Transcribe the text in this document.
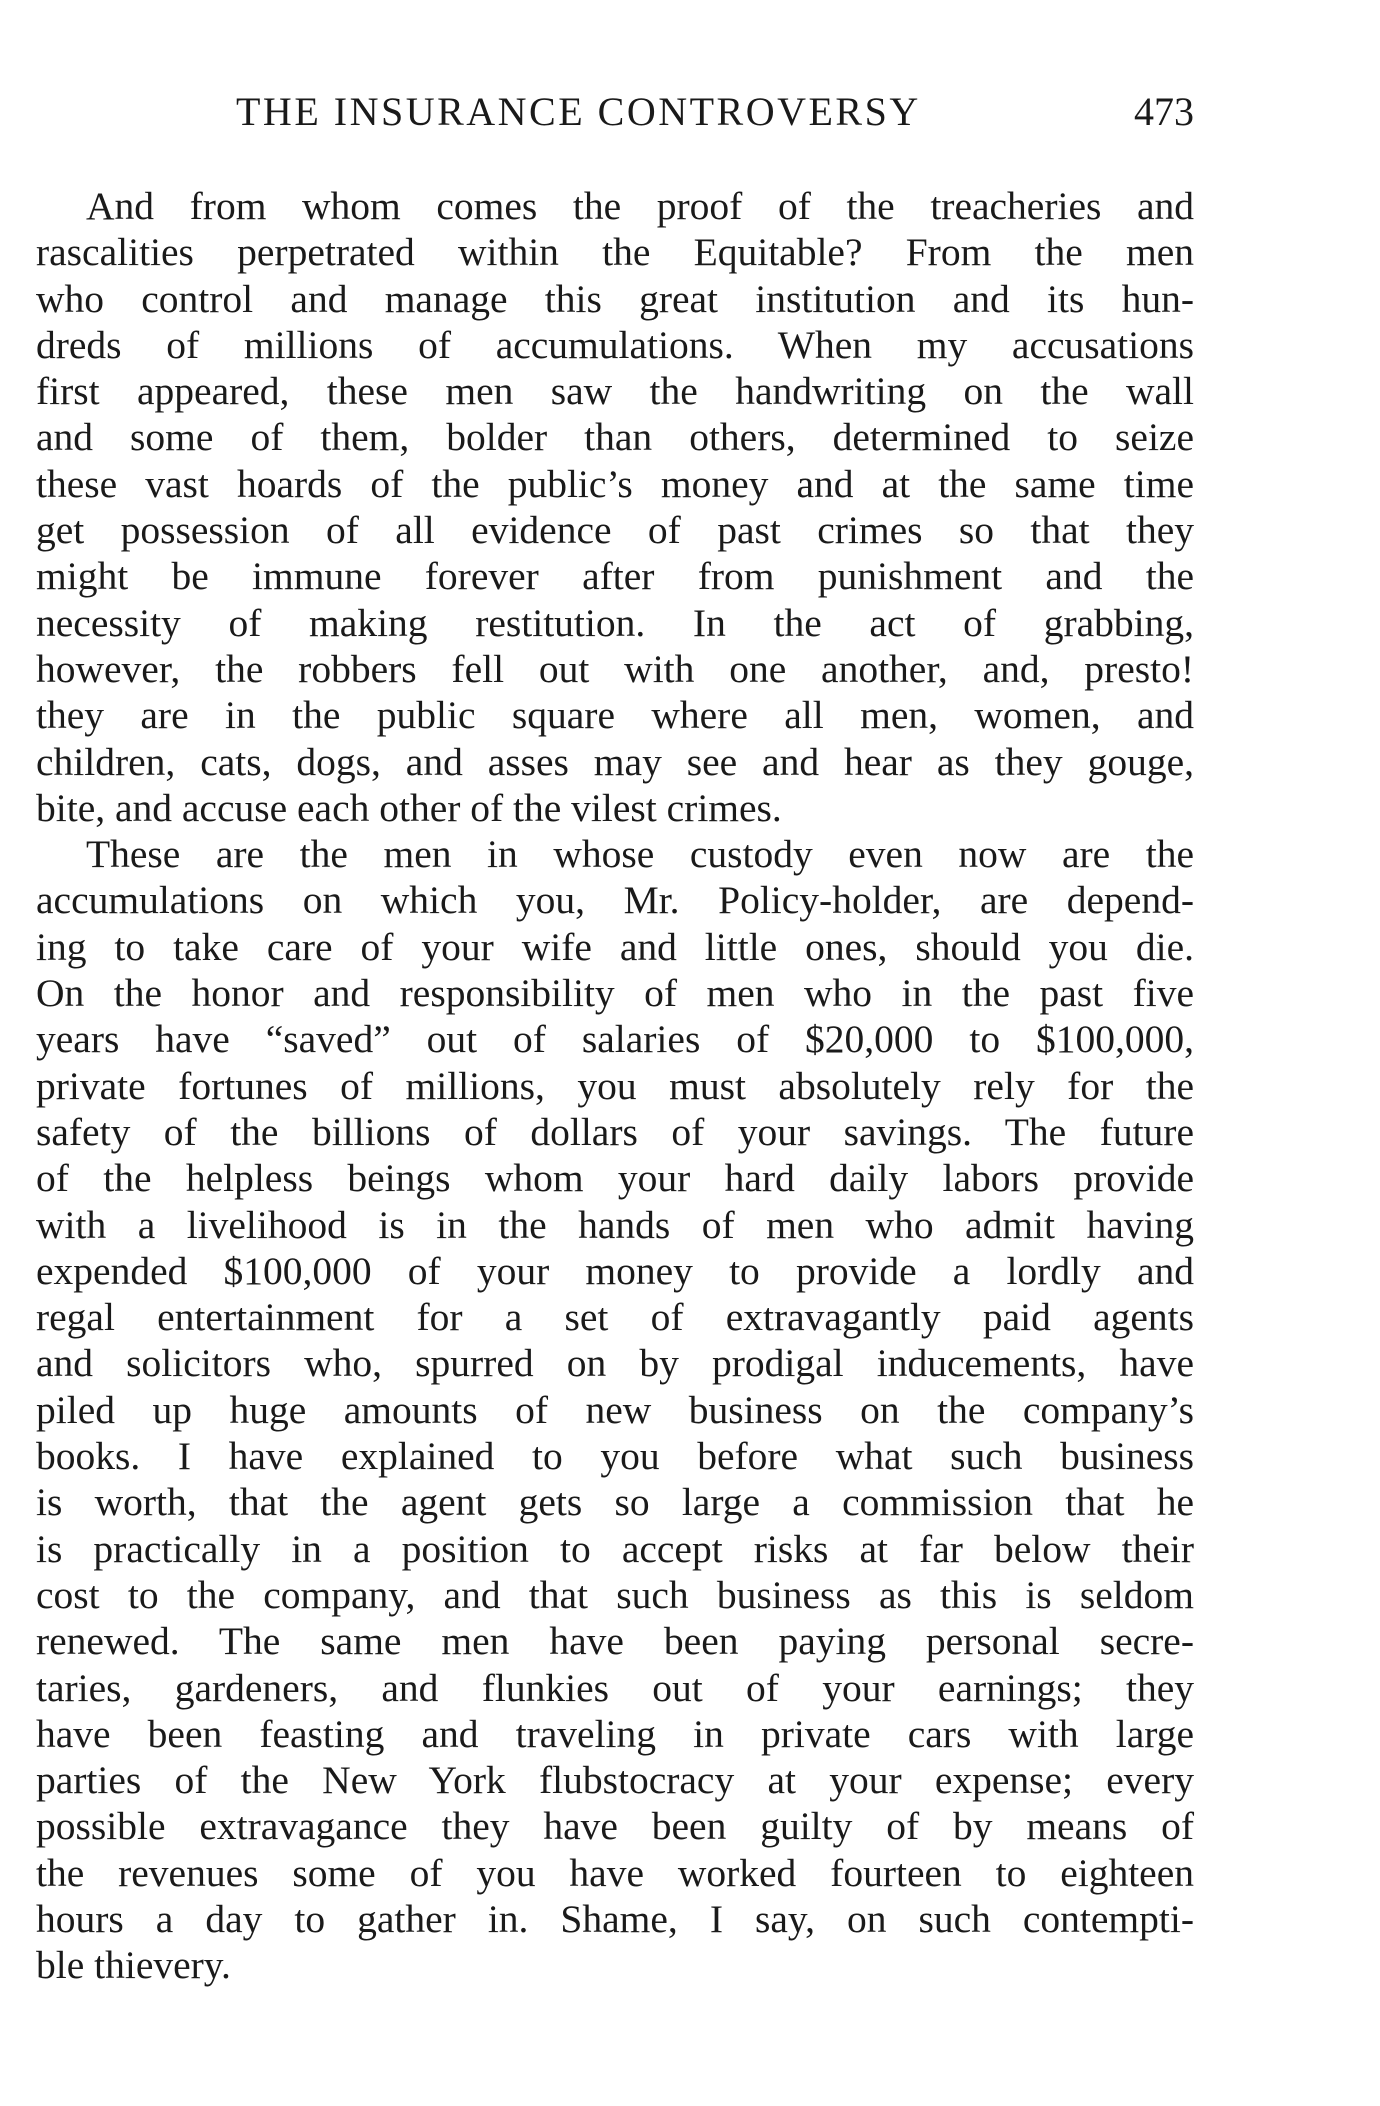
THE INSURANCE CONTROVERSY	473
And from whom comes the proof of the treacheries and
rascalities perpetrated within the Equitable? From the men
who control and manage this great institution and its hun-
dreds of millions of accumulations. When my accusations
first appeared, these men saw the handwriting on the wall
and some of them, bolder than others, determined to seize
these vast hoards of the public’s money and at the same time
get possession of all evidence of past crimes so that they
might be immune forever after from punishment and the
necessity of making restitution. In the act of grabbing,
however, the robbers fell out with one another, and, presto!
they are in the public square where all men, women, and
children, cats, dogs, and asses may see and hear as they gouge,
bite, and accuse each other of the vilest crimes.
These are the men in whose custody even now are the
accumulations on which you, Mr. Policy-holder, are depend-
ing to take care of your wife and little ones, should you die.
On the honor and responsibility of men who in the past five
years have “saved” out of salaries of $20,000 to $100,000,
private fortunes of millions, you must absolutely rely for the
safety of the billions of dollars of your savings. The future
of the helpless beings whom your hard daily labors provide
with a livelihood is in the hands of men who admit having
expended $100,000 of your money to provide a lordly and
regal entertainment for a set of extravagantly paid agents
and solicitors who, spurred on by prodigal inducements, have
piled up huge amounts of new business on the company’s
books. I have explained to you before what such business
is worth, that the agent gets so large a commission that he
is practically in a position to accept risks at far below their
cost to the company, and that such business as this is seldom
renewed. The same men have been paying personal secre-
taries, gardeners, and flunkies out of your earnings; they
have been feasting and traveling in private cars with large
parties of the New York flubstocracy at your expense; every
possible extravagance they have been guilty of by means of
the revenues some of you have worked fourteen to eighteen
hours a day to gather in. Shame, I say, on such contempti-
ble thievery.
